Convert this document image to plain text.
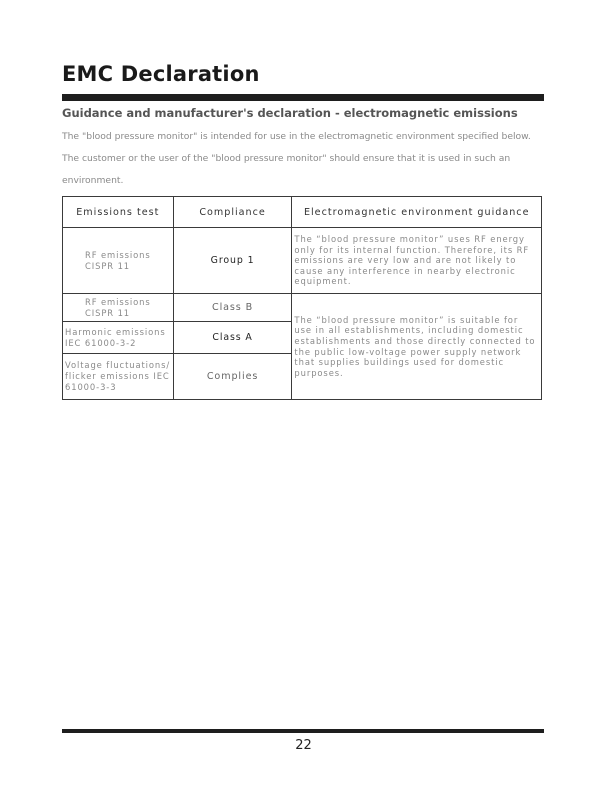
EMC Declaration
Guidance and manufacturer's declaration - electromagnetic emissions
The "blood pressure monitor" is intended for use in the electromagnetic environment specified below. The customer or the user of the "blood pressure monitor" should ensure that it is used in such an environment.
Emissions test	Compliance	Electromagnetic environment guidance
RF emissions CISPR 11	Group 1	The “blood pressure monitor” uses RF energy only for its internal function. Therefore, its RF emissions are very low and are not likely to cause any interference in nearby electronic equipment.
RF emissions CISPR 11	Class B	The “blood pressure monitor” is suitable for use in all establishments, including domestic establishments and those directly connected to the public low-voltage power supply network that supplies buildings used for domestic purposes.
Harmonic emissions IEC 61000-3-2	Class A	
Voltage fluctuations/ flicker emissions IEC 61000-3-3	Complies	
22
